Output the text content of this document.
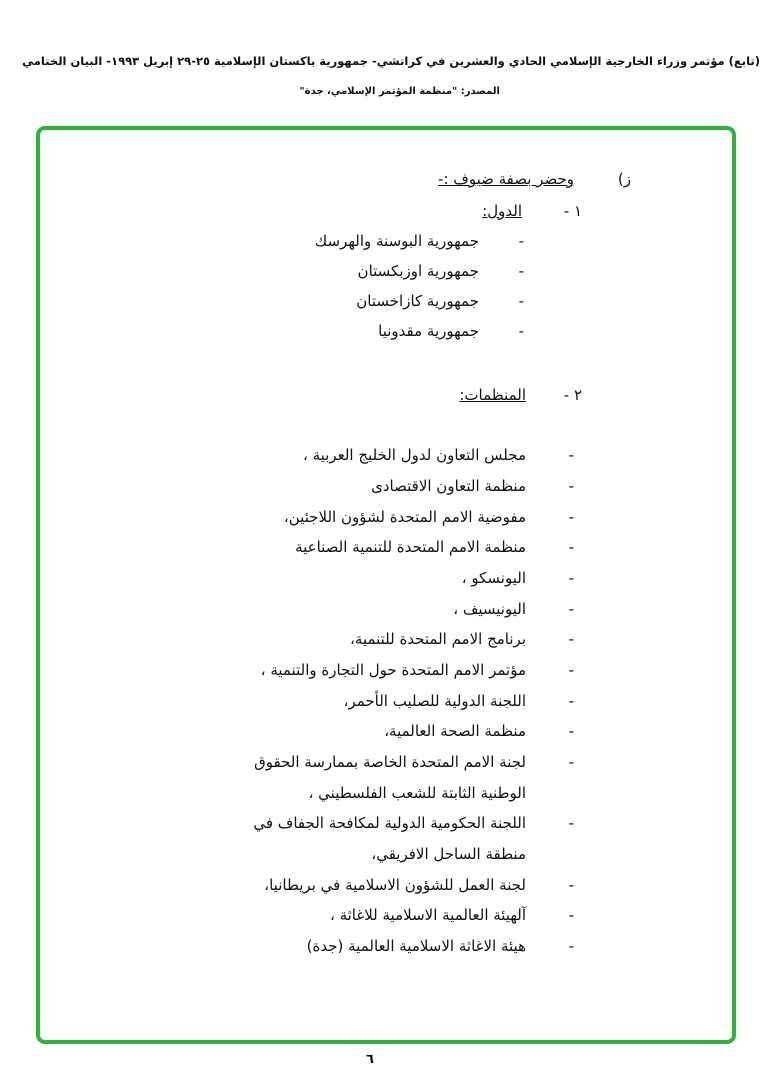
(تابع) مؤتمر وزراء الخارجية الإسلامي الحادي والعشرين في كراتشي- جمهورية باكستان الإسلامية ٢٥-٢٩ إبريل ١٩٩٣- البيان الختامي
المصدر: "منظمة المؤتمر الإسلامي، جدة"
ز)
وحضر بصفة ضيوف :-
١ -
الدول:
-
جمهورية البوسنة والهرسك
-
جمهورية اوزبكستان
-
جمهورية كازاخستان
-
جمهورية مقدونيا
٢ -
المنظمات:
-
مجلس التعاون لدول الخليج العربية ،
-
منظمة التعاون الاقتصادى
-
مفوضية الامم المتحدة لشؤون اللاجئين،
-
منظمة الامم المتحدة للتنمية الصناعية
-
اليونسكو ،
-
اليونيسيف ،
-
برنامج الامم المتحدة للتنمية،
-
مؤتمر الامم المتحدة حول التجارة والتنمية ،
-
اللجنة الدولية للصليب الأحمر،
-
منظمة الصحة العالمية،
-
لجنة الامم المتحدة الخاصة بممارسة الحقوق
الوطنية الثابتة للشعب الفلسطيني ،
-
اللجنة الحكومية الدولية لمكافحة الجفاف في
منطقة الساحل الافريقي،
-
لجنة العمل للشؤون الاسلامية في بريطانيا،
-
آلهيئة العالمية الاسلامية للاغاثة ،
-
هيئة الاغاثة الاسلامية العالمية (جدة)
٦
